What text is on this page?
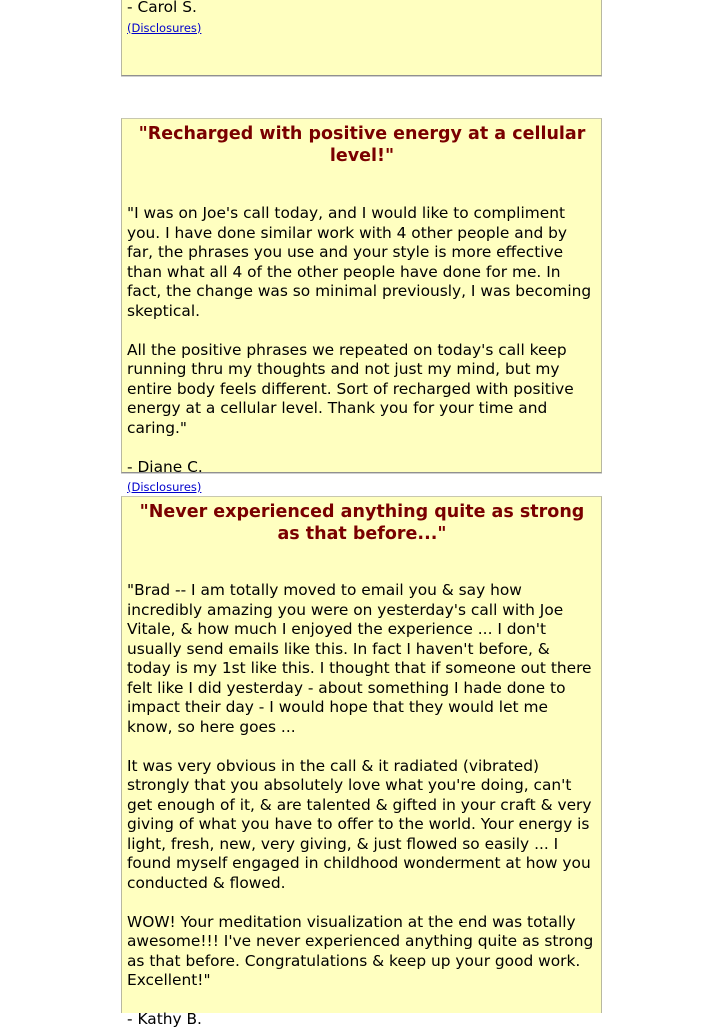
- Carol S.

(Disclosures)
"Recharged with positive energy at a cellular level!"

"I was on Joe's call today, and I would like to compliment you. I have done similar work with 4 other people and by far, the phrases you use and your style is more effective than what all 4 of the other people have done for me. In fact, the change was so minimal previously, I was becoming skeptical.

All the positive phrases we repeated on today's call keep running thru my thoughts and not just my mind, but my entire body feels different. Sort of recharged with positive energy at a cellular level. Thank you for your time and caring."

- Diane C.

(Disclosures)
"Never experienced anything quite as strong as that before..."

"Brad -- I am totally moved to email you & say how incredibly amazing you were on yesterday's call with Joe Vitale, & how much I enjoyed the experience ... I don't usually send emails like this. In fact I haven't before, & today is my 1st like this. I thought that if someone out there felt like I did yesterday - about something I hade done to impact their day - I would hope that they would let me know, so here goes ...

It was very obvious in the call & it radiated (vibrated) strongly that you absolutely love what you're doing, can't get enough of it, & are talented & gifted in your craft & very giving of what you have to offer to the world. Your energy is light, fresh, new, very giving, & just flowed so easily ... I found myself engaged in childhood wonderment at how you conducted & flowed.

WOW! Your meditation visualization at the end was totally awesome!!! I've never experienced anything quite as strong as that before. Congratulations & keep up your good work. Excellent!"

- Kathy B.
